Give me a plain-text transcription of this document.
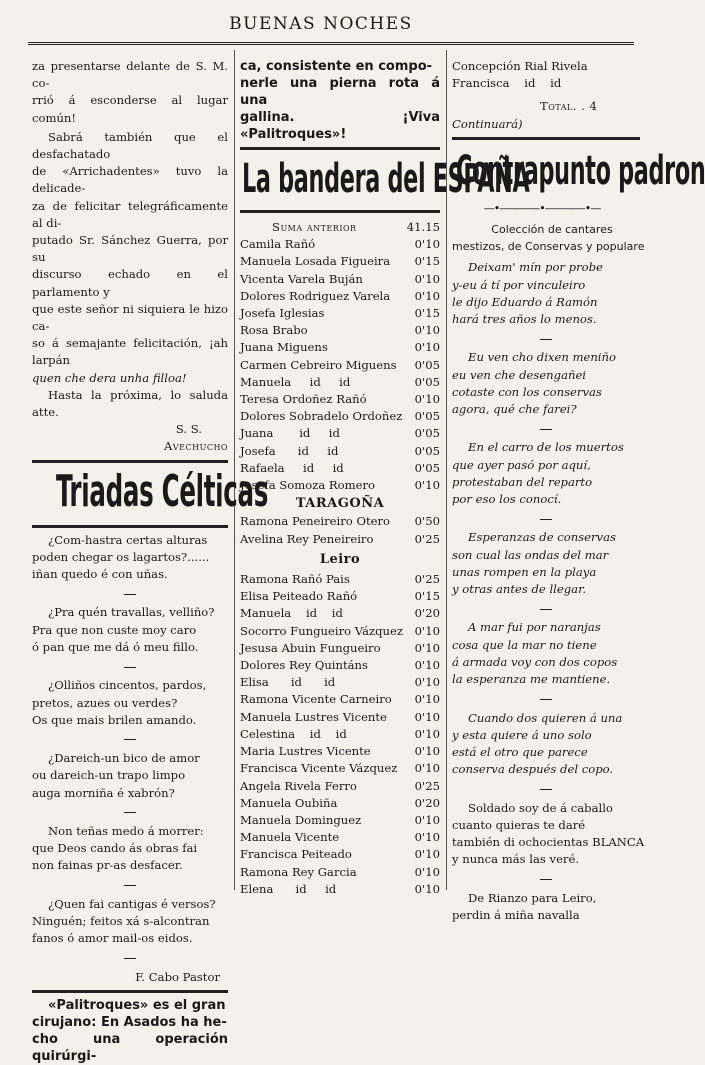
BUENAS NOCHES
za presentarse delante de S. M. co-
rrió á esconderse al lugar común!
Sabrá también que el desfachatado
de «Arrichadentes» tuvo la delicade-
za de felicitar telegráficamente al di-
putado Sr. Sánchez Guerra, por su
discurso echado en el parlamento y
que este señor ni siquiera le hizo ca-
so á semajante felicitación, ¡ah larpán
quen che dera unha filloa!

Hasta la próxima, lo saluda atte.

S. S.

Avechucho

Triadas Célticas
¿Com-hastra certas alturas
poden chegar os lagartos?......
iñan quedo é con uñas.
¿Pra quén travallas, velliño?
Pra que non custe moy caro
ó pan que me dá ó meu fillo.
¿Olliños cincentos, pardos,
pretos, azues ou verdes?
Os que mais brilen amando.
¿Dareich-un bico de amor
ou dareich-un trapo limpo
auga morniña é xabrón?
Non teñas medo á morrer:
que Deos cando ás obras fai
non fainas pr-as desfacer.
¿Quen fai cantigas é versos?
Ninguén; feitos xá s-alcontran
fanos ó amor mail-os eidos.

F. Cabo Pastor

«Palitroques» es el gran
cirujano: En Asados ha he-
cho una operación quirúrgi-
ca, consistente en compo-
nerle una pierna rota á una
gallina. ¡Viva «Palitroques»!
La bandera del ESPAÑA
Suma anterior	41.15
Camila Rañó	0'10
Manuela Losada Figueira	0'15
Vicenta Varela Buján	0'10
Dolores Rodriguez Varela	0'10
Josefa Iglesias	0'15
Rosa Brabo	0'10
Juana Miguens	0'10
Carmen Cebreiro Miguens	0'05
Manuela     id     id	0'05
Teresa Ordoñez Rañó	0'10
Dolores Sobradelo Ordoñez	0'05
Juana       id     id	0'05
Josefa      id     id	0'05
Rafaela     id     id	0'05
Josefa Somoza Romero	0'10
TARAGOÑA
Ramona Peneireiro Otero	0'50
Avelina Rey Peneireiro	0'25
Leiro
Ramona Rañó Pais	0'25
Elisa Peiteado Rañó	0'15
Manuela    id    id	0'20
Socorro Fungueiro Vázquez	0'10
Jesusa Abuin Fungueiro	0'10
Dolores Rey Quintáns	0'10
Elisa      id      id	0'10
Ramona Vicente Carneiro	0'10
Manuela Lustres Vicente	0'10
Celestina    id    id	0'10
Maria Lustres Vicente	0'10
Francisca Vicente Vázquez	0'10
Angela Rivela Ferro	0'25
Manuela Oubiña	0'20
Manuela Dominguez	0'10
Manuela Vicente	0'10
Francisca Peiteado	0'10
Ramona Rey Garcia	0'10
Elena      id     id	0'10
Concepción Rial Rivela
Francisca    id    id

Total. . 4

Continuará)

Contrapunto padron
—•————•————•—
Colección de cantares
mestizos, de Conservas y populare
Deixam' mín por probe
y-eu á tí por vinculeiro
le dijo Eduardo á Ramón
hará tres años lo menos.
Eu ven cho dixen meniño
eu ven che desengañei
cotaste con los conservas
agora, qué che farei?
En el carro de los muertos
que ayer pasó por aquí,
protestaban del reparto
por eso los conocí.
Esperanzas de conservas
son cual las ondas del mar
unas rompen en la playa
y otras antes de llegar.
A mar fui por naranjas
cosa que la mar no tiene
á armada voy con dos copos
la esperanza me mantiene.
Cuando dos quieren á una
y esta quiere á uno solo
está el otro que parece
conserva después del copo.
Soldado soy de á caballo
cuanto quieras te daré
también di ochocientas BLANCA
y nunca más las veré.
De Rianzo para Leiro,
perdin á miña navalla
